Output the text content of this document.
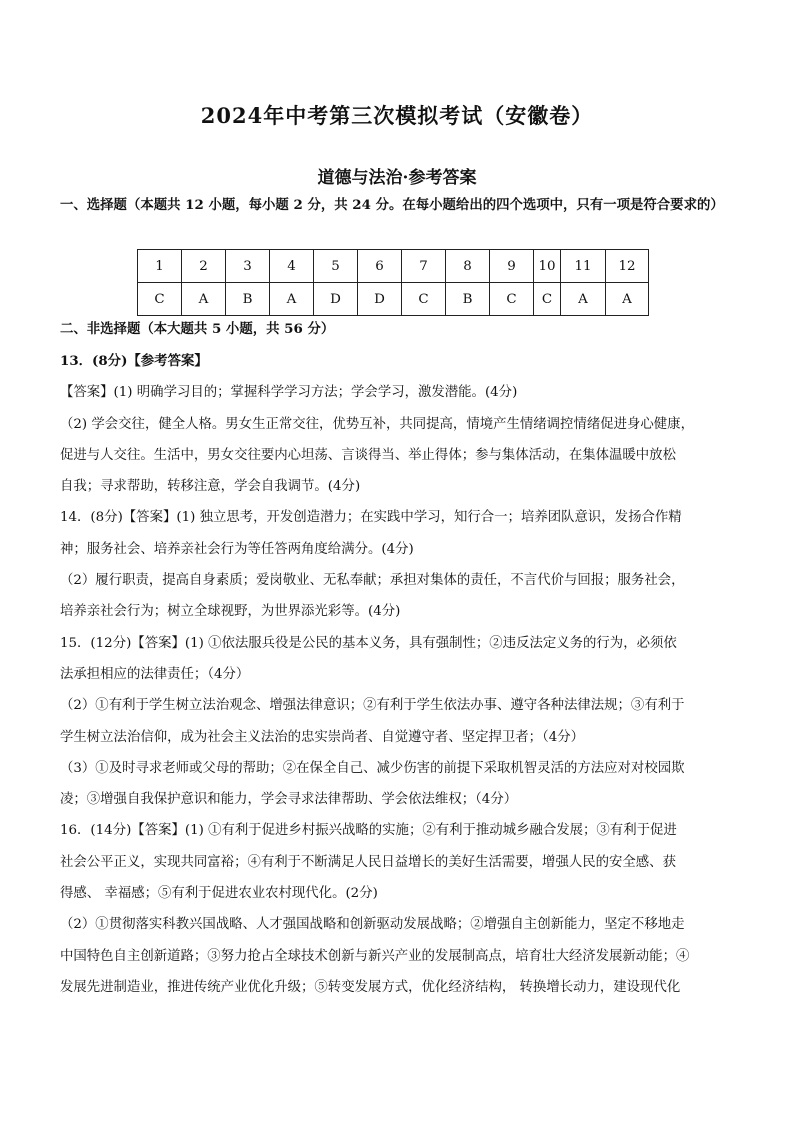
2024年中考第三次模拟考试（安徽卷）
道德与法治·参考答案
一、选择题（本题共 12 小题，每小题 2 分，共 24 分。在每小题给出的四个选项中，只有一项是符合要求的）
1	2	3	4	5	6	7	8	9	10	11	12
C	A	B	A	D	D	C	B	C	C	A	A
二、非选择题（本大题共 5 小题，共 56 分）

13．(8分)【参考答案】

【答案】(1) 明确学习目的；掌握科学学习方法；学会学习，激发潜能。(4分)

（2) 学会交往，健全人格。男女生正常交往，优势互补，共同提高，情境产生情绪调控情绪促进身心健康，

促进与人交往。生活中，男女交往要内心坦荡、言谈得当、举止得体；参与集体活动，在集体温暖中放松

自我；寻求帮助，转移注意，学会自我调节。(4分)

14．(8分)【答案】(1) 独立思考，开发创造潜力；在实践中学习，知行合一；培养团队意识，发扬合作精

神；服务社会、培养亲社会行为等任答两角度给满分。(4分)

（2）履行职责，提高自身素质；爱岗敬业、无私奉献；承担对集体的责任，不言代价与回报；服务社会，

培养亲社会行为；树立全球视野，为世界添光彩等。(4分)

15．(12分)【答案】(1) ①依法服兵役是公民的基本义务，具有强制性；②违反法定义务的行为，必须依

法承担相应的法律责任；（4分）

（2）①有利于学生树立法治观念、增强法律意识；②有利于学生依法办事、遵守各种法律法规；③有利于

学生树立法治信仰，成为社会主义法治的忠实崇尚者、自觉遵守者、坚定捍卫者；（4分）

（3）①及时寻求老师或父母的帮助；②在保全自己、减少伤害的前提下采取机智灵活的方法应对对校园欺

凌；③增强自我保护意识和能力，学会寻求法律帮助、学会依法维权；（4分）

16．(14分)【答案】(1) ①有利于促进乡村振兴战略的实施；②有利于推动城乡融合发展；③有利于促进

社会公平正义，实现共同富裕；④有利于不断满足人民日益增长的美好生活需要，增强人民的安全感、获

得感、 幸福感；⑤有利于促进农业农村现代化。(2分)

（2）①贯彻落实科教兴国战略、人才强国战略和创新驱动发展战略；②增强自主创新能力，坚定不移地走

中国特色自主创新道路；③努力抢占全球技术创新与新兴产业的发展制高点，培育壮大经济发展新动能；④

发展先进制造业，推进传统产业优化升级；⑤转变发展方式，优化经济结构， 转换增长动力，建设现代化
